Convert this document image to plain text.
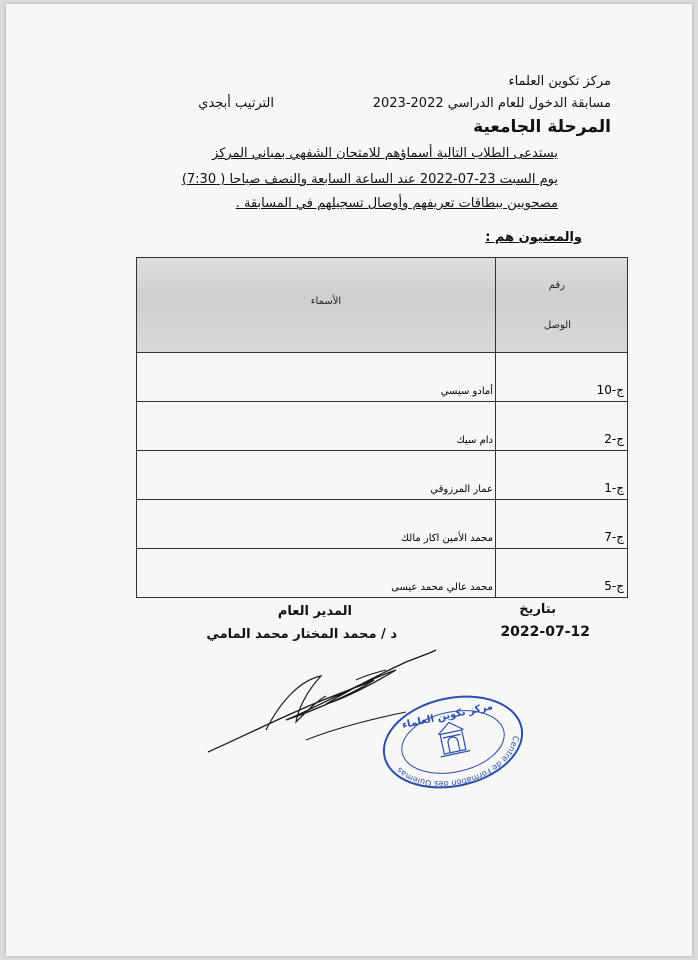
مركز تكوين العلماء
مسابقة الدخول للعام الدراسي 2022-2023
الترتيب أبجدي
المرحلة الجامعية
يستدعى الطلاب التالية أسماؤهم للامتحان الشفهي بمباني المركز
يوم السبت 23-07-2022 عند الساعة السابعة والنصف صباحا ( 7:30)
مصحوبين ببطاقات تعريفهم وأوصال تسجيلهم في المسابقة .
والمعنيون هم :
رقم
الوصل	الأسماء
ج-10	أمادو سيسي
ج-2	دام سيك
ج-1	عمار المرزوقي
ج-7	محمد الأمين اكار مالك
ج-5	محمد عالي محمد عيسى
بتاريخ
2022-07-12
المدير العام
د / محمد المختار محمد المامي
Centre de Formation des Oulemas
مركز تكوين العلماء
